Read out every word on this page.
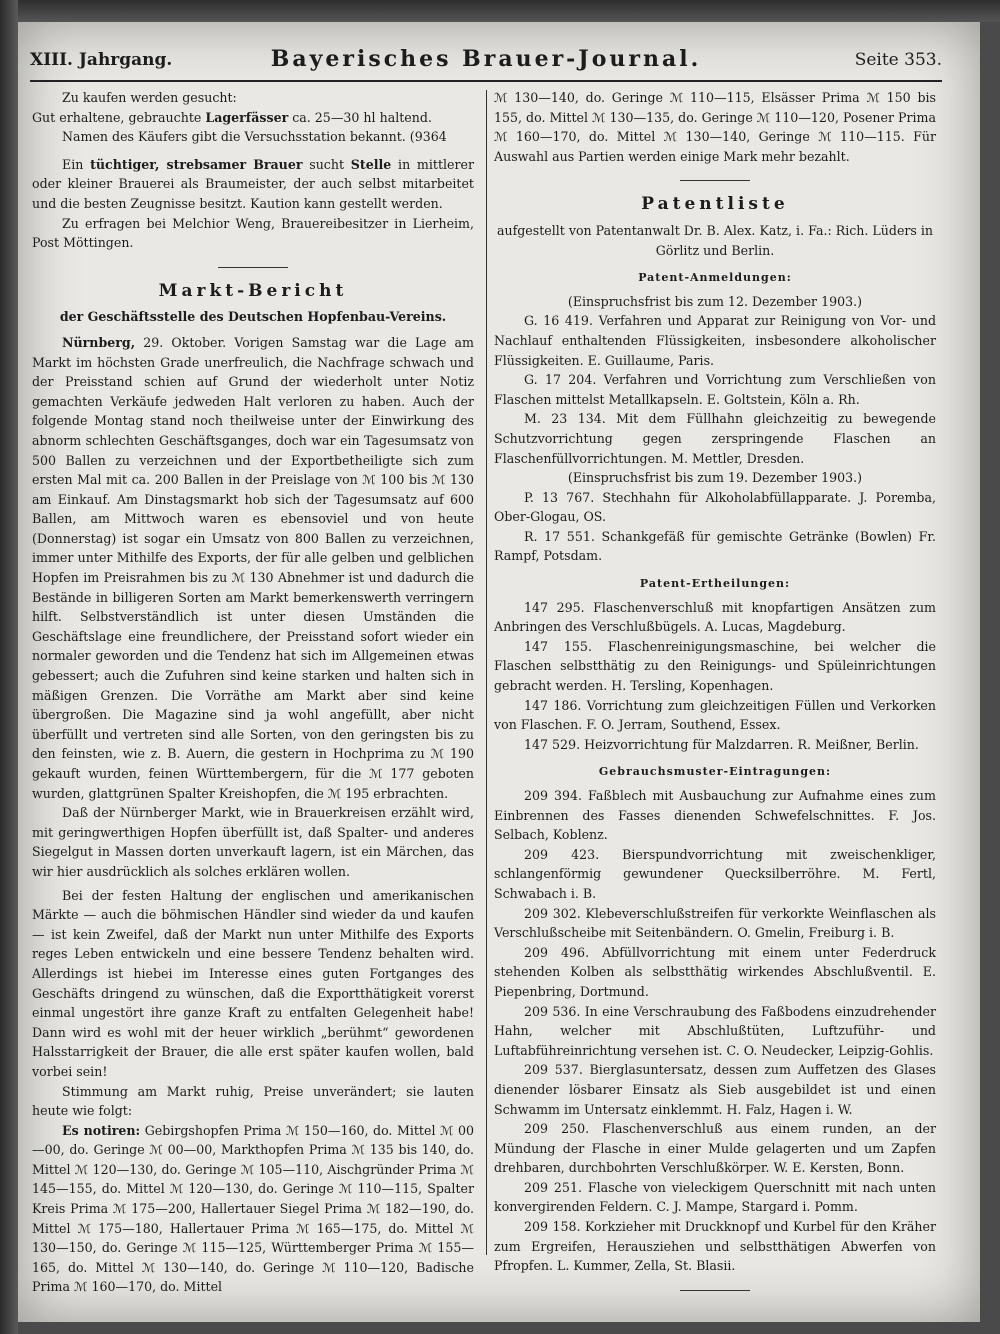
XIII. Jahrgang.	Bayerisches Brauer-Journal.	Seite 353.

Zu kaufen werden gesucht:

Gut erhaltene, gebrauchte Lagerfässer ca. 25—30 hl haltend.

Namen des Käufers gibt die Versuchsstation bekannt. (9364

Ein tüchtiger, strebsamer Brauer sucht Stelle in mittlerer oder kleiner Brauerei als Braumeister, der auch selbst mitarbeitet und die besten Zeugnisse besitzt. Kaution kann gestellt werden.

Zu erfragen bei Melchior Weng, Brauereibesitzer in Lierheim, Post Möttingen.

Markt-Bericht
der Geschäftsstelle des Deutschen Hopfenbau-Vereins.

Nürnberg, 29. Oktober. Vorigen Samstag war die Lage am Markt im höchsten Grade unerfreulich, die Nachfrage schwach und der Preisstand schien auf Grund der wiederholt unter Notiz gemachten Verkäufe jedweden Halt verloren zu haben. Auch der folgende Montag stand noch theilweise unter der Einwirkung des abnorm schlechten Geschäftsganges, doch war ein Tagesumsatz von 500 Ballen zu verzeichnen und der Exportbetheiligte sich zum ersten Mal mit ca. 200 Ballen in der Preislage von ℳ 100 bis ℳ 130 am Einkauf. Am Dinstagsmarkt hob sich der Tagesumsatz auf 600 Ballen, am Mittwoch waren es ebensoviel und von heute (Donnerstag) ist sogar ein Umsatz von 800 Ballen zu verzeichnen, immer unter Mithilfe des Exports, der für alle gelben und gelblichen Hopfen im Preisrahmen bis zu ℳ 130 Abnehmer ist und dadurch die Bestände in billigeren Sorten am Markt bemerkenswerth verringern hilft. Selbstverständlich ist unter diesen Umständen die Geschäftslage eine freundlichere, der Preisstand sofort wieder ein normaler geworden und die Tendenz hat sich im Allgemeinen etwas gebessert; auch die Zufuhren sind keine starken und halten sich in mäßigen Grenzen. Die Vorräthe am Markt aber sind keine übergroßen. Die Magazine sind ja wohl angefüllt, aber nicht überfüllt und vertreten sind alle Sorten, von den geringsten bis zu den feinsten, wie z. B. Auern, die gestern in Hochprima zu ℳ 190 gekauft wurden, feinen Württembergern, für die ℳ 177 geboten wurden, glattgrünen Spalter Kreishopfen, die ℳ 195 erbrachten.

Daß der Nürnberger Markt, wie in Brauerkreisen erzählt wird, mit geringwerthigen Hopfen überfüllt ist, daß Spalter- und anderes Siegelgut in Massen dorten unverkauft lagern, ist ein Märchen, das wir hier ausdrücklich als solches erklären wollen.

Bei der festen Haltung der englischen und amerikanischen Märkte — auch die böhmischen Händler sind wieder da und kaufen — ist kein Zweifel, daß der Markt nun unter Mithilfe des Exports reges Leben entwickeln und eine bessere Tendenz behalten wird. Allerdings ist hiebei im Interesse eines guten Fortganges des Geschäfts dringend zu wünschen, daß die Exportthätigkeit vorerst einmal ungestört ihre ganze Kraft zu entfalten Gelegenheit habe! Dann wird es wohl mit der heuer wirklich „berühmt“ gewordenen Halsstarrigkeit der Brauer, die alle erst später kaufen wollen, bald vorbei sein!

Stimmung am Markt ruhig, Preise unverändert; sie lauten heute wie folgt:

Es notiren: Gebirgshopfen Prima ℳ 150—160, do. Mittel ℳ 00—00, do. Geringe ℳ 00—00, Markthopfen Prima ℳ 135 bis 140, do. Mittel ℳ 120—130, do. Geringe ℳ 105—110, Aischgründer Prima ℳ 145—155, do. Mittel ℳ 120—130, do. Geringe ℳ 110—115, Spalter Kreis Prima ℳ 175—200, Hallertauer Siegel Prima ℳ 182—190, do. Mittel ℳ 175—180, Hallertauer Prima ℳ 165—175, do. Mittel ℳ 130—150, do. Geringe ℳ 115—125, Württemberger Prima ℳ 155—165, do. Mittel ℳ 130—140, do. Geringe ℳ 110—120, Badische Prima ℳ 160—170, do. Mittel

ℳ 130—140, do. Geringe ℳ 110—115, Elsässer Prima ℳ 150 bis 155, do. Mittel ℳ 130—135, do. Geringe ℳ 110—120, Posener Prima ℳ 160—170, do. Mittel ℳ 130—140, Geringe ℳ 110—115. Für Auswahl aus Partien werden einige Mark mehr bezahlt.

Patentliste

aufgestellt von Patentanwalt Dr. B. Alex. Katz, i. Fa.: Rich. Lüders in Görlitz und Berlin.

Patent-Anmeldungen:

(Einspruchsfrist bis zum 12. Dezember 1903.)

G. 16 419. Verfahren und Apparat zur Reinigung von Vor- und Nachlauf enthaltenden Flüssigkeiten, insbesondere alkoholischer Flüssigkeiten. E. Guillaume, Paris.

G. 17 204. Verfahren und Vorrichtung zum Verschließen von Flaschen mittelst Metallkapseln. E. Goltstein, Köln a. Rh.

M. 23 134. Mit dem Füllhahn gleichzeitig zu bewegende Schutzvorrichtung gegen zerspringende Flaschen an Flaschenfüllvorrichtungen. M. Mettler, Dresden.

(Einspruchsfrist bis zum 19. Dezember 1903.)

P. 13 767. Stechhahn für Alkoholabfüllapparate. J. Poremba, Ober-Glogau, OS.

R. 17 551. Schankgefäß für gemischte Getränke (Bowlen) Fr. Rampf, Potsdam.

Patent-Ertheilungen:

147 295. Flaschenverschluß mit knopfartigen Ansätzen zum Anbringen des Verschlußbügels. A. Lucas, Magdeburg.

147 155. Flaschenreinigungsmaschine, bei welcher die Flaschen selbstthätig zu den Reinigungs- und Spüleinrichtungen gebracht werden. H. Tersling, Kopenhagen.

147 186. Vorrichtung zum gleichzeitigen Füllen und Verkorken von Flaschen. F. O. Jerram, Southend, Essex.

147 529. Heizvorrichtung für Malzdarren. R. Meißner, Berlin.

Gebrauchsmuster-Eintragungen:

209 394. Faßblech mit Ausbauchung zur Aufnahme eines zum Einbrennen des Fasses dienenden Schwefelschnittes. F. Jos. Selbach, Koblenz.

209 423. Bierspundvorrichtung mit zweischenkliger, schlangenförmig gewundener Quecksilberröhre. M. Fertl, Schwabach i. B.

209 302. Klebeverschlußstreifen für verkorkte Weinflaschen als Verschlußscheibe mit Seitenbändern. O. Gmelin, Freiburg i. B.

209 496. Abfüllvorrichtung mit einem unter Federdruck stehenden Kolben als selbstthätig wirkendes Abschlußventil. E. Piepenbring, Dortmund.

209 536. In eine Verschraubung des Faßbodens einzudrehender Hahn, welcher mit Abschlußtüten, Luftzuführ- und Luftabführeinrichtung versehen ist. C. O. Neudecker, Leipzig-Gohlis.

209 537. Bierglasuntersatz, dessen zum Auffetzen des Glases dienender lösbarer Einsatz als Sieb ausgebildet ist und einen Schwamm im Untersatz einklemmt. H. Falz, Hagen i. W.

209 250. Flaschenverschluß aus einem runden, an der Mündung der Flasche in einer Mulde gelagerten und um Zapfen drehbaren, durchbohrten Verschlußkörper. W. E. Kersten, Bonn.

209 251. Flasche von vieleckigem Querschnitt mit nach unten konvergirenden Feldern. C. J. Mampe, Stargard i. Pomm.

209 158. Korkzieher mit Druckknopf und Kurbel für den Kräher zum Ergreifen, Herausziehen und selbstthätigen Abwerfen von Pfropfen. L. Kummer, Zella, St. Blasii.
